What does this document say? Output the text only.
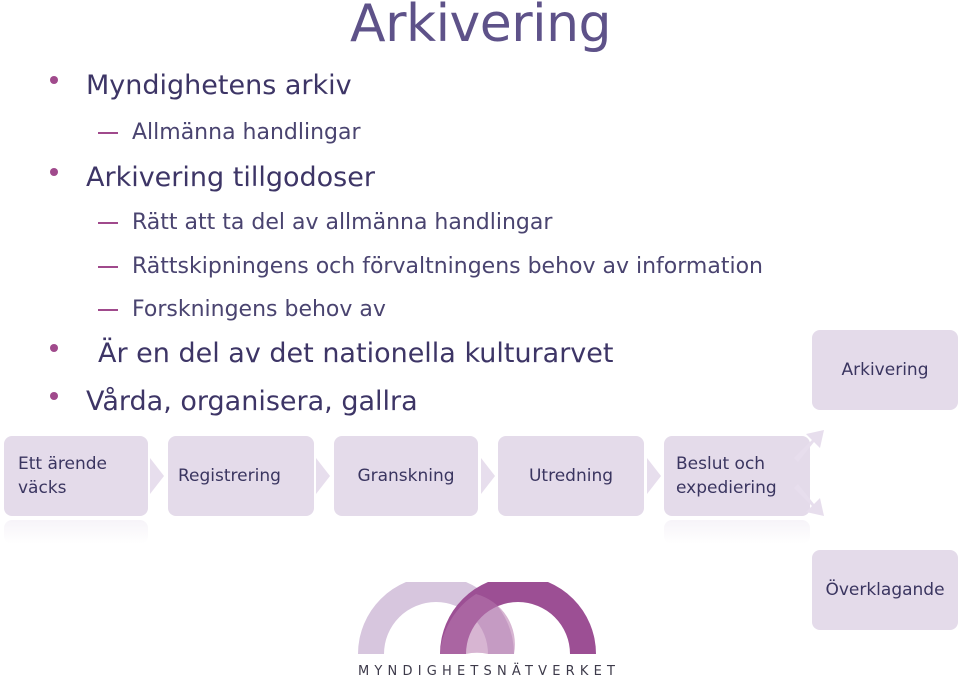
Arkivering
Myndighetens arkiv
Allmänna handlingar
Arkivering tillgodoser
Rätt att ta del av allmänna handlingar
Rättskipningens och förvaltningens behov av information
Forskningens behov av
Är en del av det nationella kulturarvet
Vårda, organisera, gallra
Ett ärende
väcks
Registrering	Granskning	Utredning
Beslut och
expediering
Arkivering
Överklagande
MYNDIGHETSNÄTVERKET
